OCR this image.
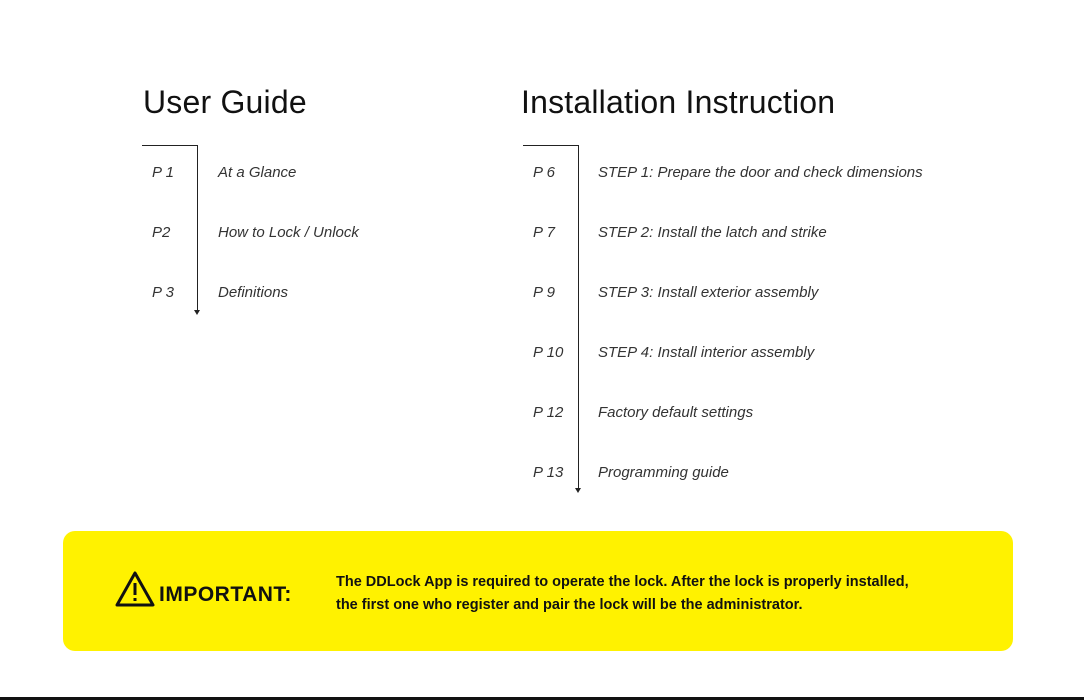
User Guide	Installation Instruction
P 1	At a Glance
P2	How to Lock / Unlock
P 3	Definitions
P 6	STEP 1: Prepare the door and check dimensions
P 7	STEP 2: Install the latch and strike
P 9	STEP 3: Install exterior assembly
P 10 STEP 4: Install interior assembly
P 12 Factory default settings
P 13 Programming guide
IMPORTANT:
The DDLock App is required to operate the lock. After the lock is properly installed,
the first one who register and pair the lock will be the administrator.
